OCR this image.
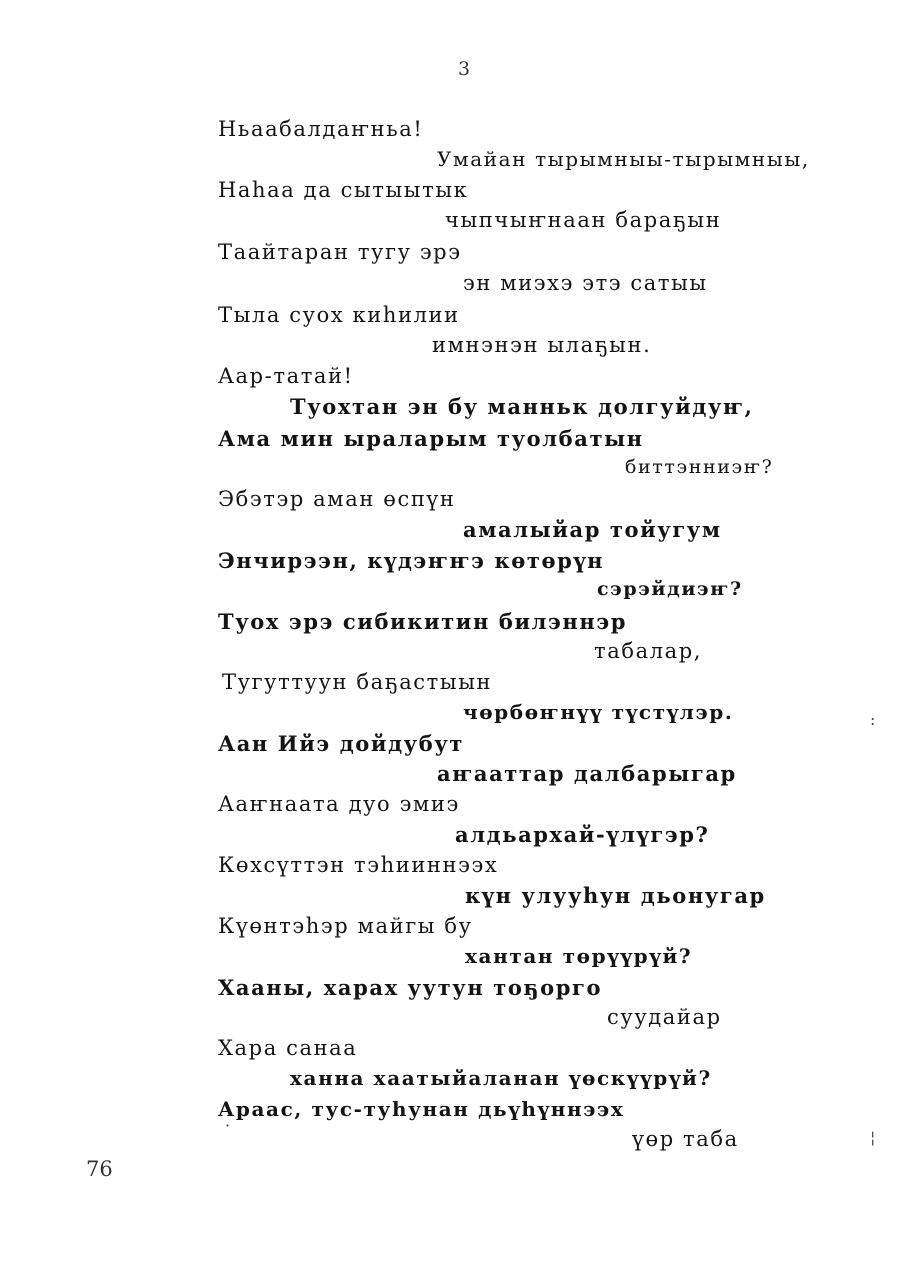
3
Ньаабалдаҥньа!
Умайан тырымныы-тырымныы,
Наһаа да сытыытык
чыпчыҥнаан бараҕын
Таайтаран тугу эрэ
эн миэхэ этэ сатыы
Тыла суох киһилии
имнэнэн ылаҕын.
Аар-татай!
Туохтан эн бу манньк долгуйдуҥ,
Ама мин ыраларым туолбатын
биттэнниэҥ?
Эбэтэр аман өспүн
амалыйар тойугум
Энчирээн, күдэҥҥэ көтөрүн
сэрэйдиэҥ?
Туох эрэ сибикитин билэннэр
табалар,
Тугуттуун баҕастыын
чөрбөҥнүү түстүлэр.
Аан Ийэ дойдубут
аҥааттар далбарыгар
Ааҥнаата дуо эмиэ
алдьархай-үлүгэр?
Көхсүттэн тэһииннээх
күн улууһун дьонугар
Күөнтэһэр майгы бу
хантан төрүүрүй?
Хааны, харах уутун тоҕорго
суудайар
Хара санаа
ханна хаатыйаланан үөскүүрүй?
Араас, тус-туһунан дьүһүннээх
үөр таба
:
¦
·
76
